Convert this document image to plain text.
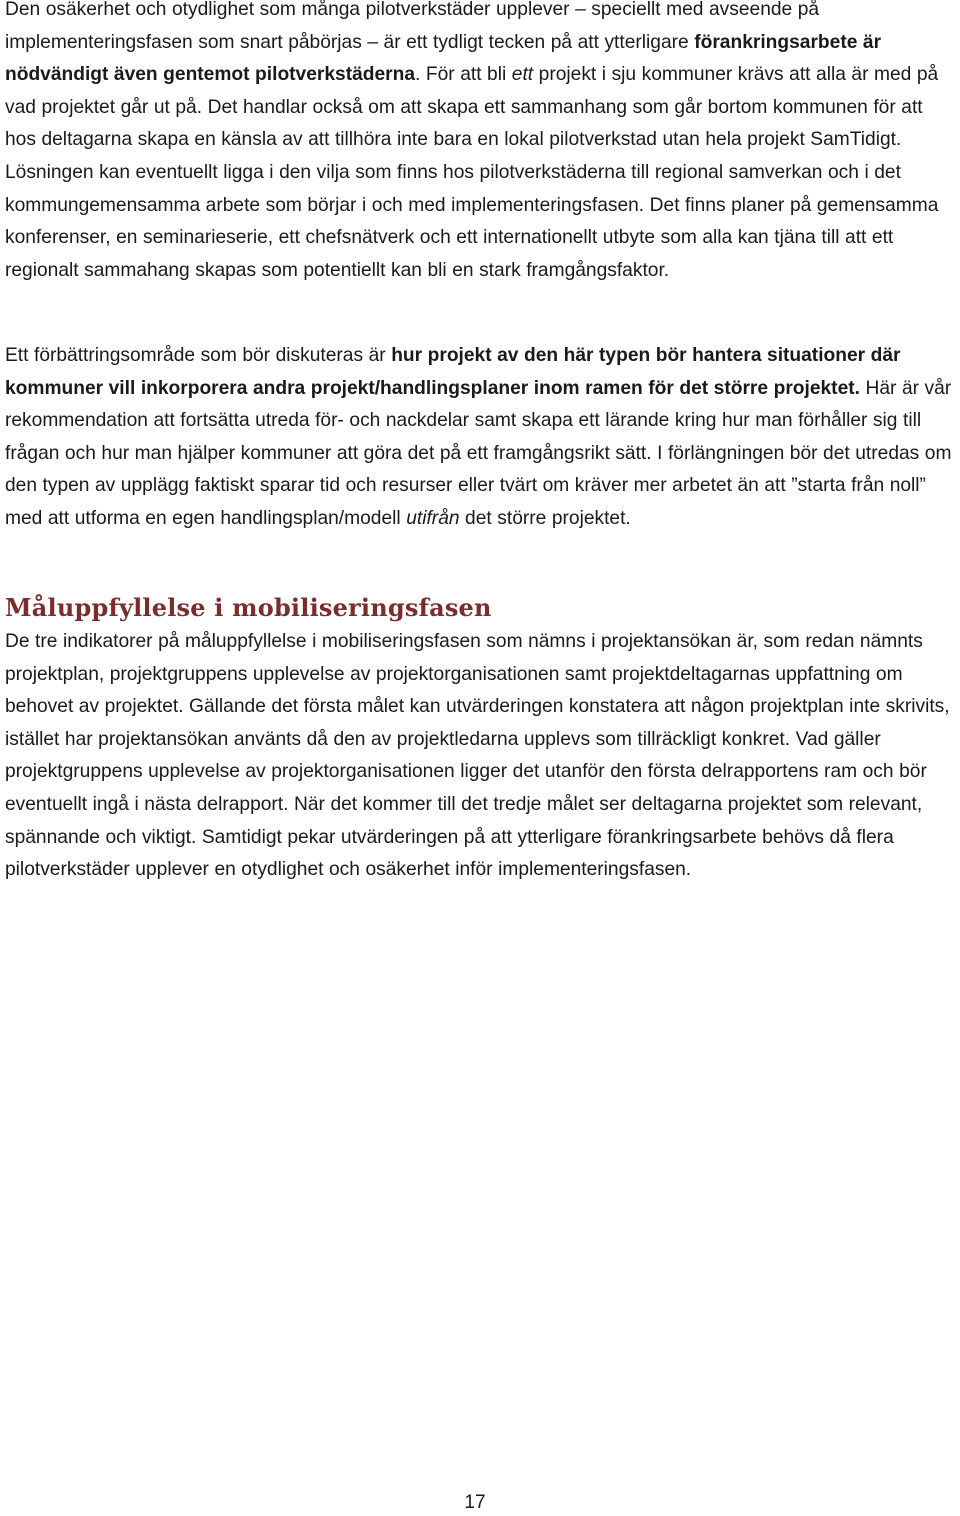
Den osäkerhet och otydlighet som många pilotverkstäder upplever – speciellt med avseende på implementeringsfasen som snart påbörjas – är ett tydligt tecken på att ytterligare förankringsarbete är nödvändigt även gentemot pilotverkstäderna. För att bli ett projekt i sju kommuner krävs att alla är med på vad projektet går ut på. Det handlar också om att skapa ett sammanhang som går bortom kommunen för att hos deltagarna skapa en känsla av att tillhöra inte bara en lokal pilotverkstad utan hela projekt SamTidigt. Lösningen kan eventuellt ligga i den vilja som finns hos pilotverkstäderna till regional samverkan och i det kommungemensamma arbete som börjar i och med implementeringsfasen. Det finns planer på gemensamma konferenser, en seminarieserie, ett chefsnätverk och ett internationellt utbyte som alla kan tjäna till att ett regionalt sammahang skapas som potentiellt kan bli en stark framgångsfaktor.

Ett förbättringsområde som bör diskuteras är hur projekt av den här typen bör hantera situationer där kommuner vill inkorporera andra projekt/handlingsplaner inom ramen för det större projektet. Här är vår rekommendation att fortsätta utreda för- och nackdelar samt skapa ett lärande kring hur man förhåller sig till frågan och hur man hjälper kommuner att göra det på ett framgångsrikt sätt. I förlängningen bör det utredas om den typen av upplägg faktiskt sparar tid och resurser eller tvärt om kräver mer arbetet än att ”starta från noll” med att utforma en egen handlingsplan/modell utifrån det större projektet.

Måluppfyllelse i mobiliseringsfasen

De tre indikatorer på måluppfyllelse i mobiliseringsfasen som nämns i projektansökan är, som redan nämnts projektplan, projektgruppens upplevelse av projektorganisationen samt projektdeltagarnas uppfattning om behovet av projektet. Gällande det första målet kan utvärderingen konstatera att någon projektplan inte skrivits, istället har projektansökan använts då den av projektledarna upplevs som tillräckligt konkret. Vad gäller projektgruppens upplevelse av projektorganisationen ligger det utanför den första delrapportens ram och bör eventuellt ingå i nästa delrapport. När det kommer till det tredje målet ser deltagarna projektet som relevant, spännande och viktigt. Samtidigt pekar utvärderingen på att ytterligare förankringsarbete behövs då flera pilotverkstäder upplever en otydlighet och osäkerhet inför implementeringsfasen.

17
